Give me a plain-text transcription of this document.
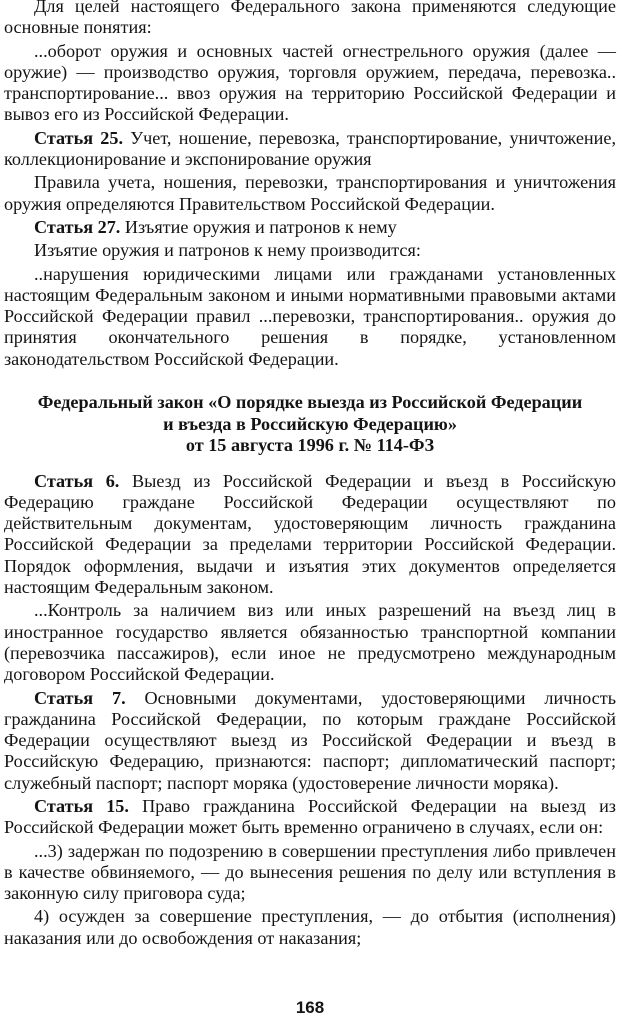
Для целей настоящего Федерального закона применяются следующие основные понятия:
...оборот оружия и основных частей огнестрельного оружия (далее — оружие) — производство оружия, торговля оружием, передача, перевозка.. транспортирование... ввоз оружия на территорию Российской Федерации и вывоз его из Российской Федерации.
Статья 25. Учет, ношение, перевозка, транспортирование, уничтожение, коллекционирование и экспонирование оружия
Правила учета, ношения, перевозки, транспортирования и уничтожения оружия определяются Правительством Российской Федерации.
Статья 27. Изъятие оружия и патронов к нему
Изъятие оружия и патронов к нему производится:
..нарушения юридическими лицами или гражданами установленных настоящим Федеральным законом и иными нормативными правовыми актами Российской Федерации правил ...перевозки, транспортирования.. оружия до принятия окончательного решения в порядке, установленном законодательством Российской Федерации.
Федеральный закон «О порядке выезда из Российской Федерации
и въезда в Российскую Федерацию»
от 15 августа 1996 г. № 114-ФЗ
Статья 6. Выезд из Российской Федерации и въезд в Российскую Федерацию граждане Российской Федерации осуществляют по действительным документам, удостоверяющим личность гражданина Российской Федерации за пределами территории Российской Федерации. Порядок оформления, выдачи и изъятия этих документов определяется настоящим Федеральным законом.
...Контроль за наличием виз или иных разрешений на въезд лиц в иностранное государство является обязанностью транспортной компании (перевозчика пассажиров), если иное не предусмотрено международным договором Российской Федерации.
Статья 7. Основными документами, удостоверяющими личность гражданина Российской Федерации, по которым граждане Российской Федерации осуществляют выезд из Российской Федерации и въезд в Российскую Федерацию, признаются: паспорт; дипломатический паспорт; служебный паспорт; паспорт моряка (удостоверение личности моряка).
Статья 15. Право гражданина Российской Федерации на выезд из Российской Федерации может быть временно ограничено в случаях, если он:
...3) задержан по подозрению в совершении преступления либо привлечен в качестве обвиняемого, — до вынесения решения по делу или вступления в законную силу приговора суда;
4) осужден за совершение преступления, — до отбытия (исполнения) наказания или до освобождения от наказания;
168
